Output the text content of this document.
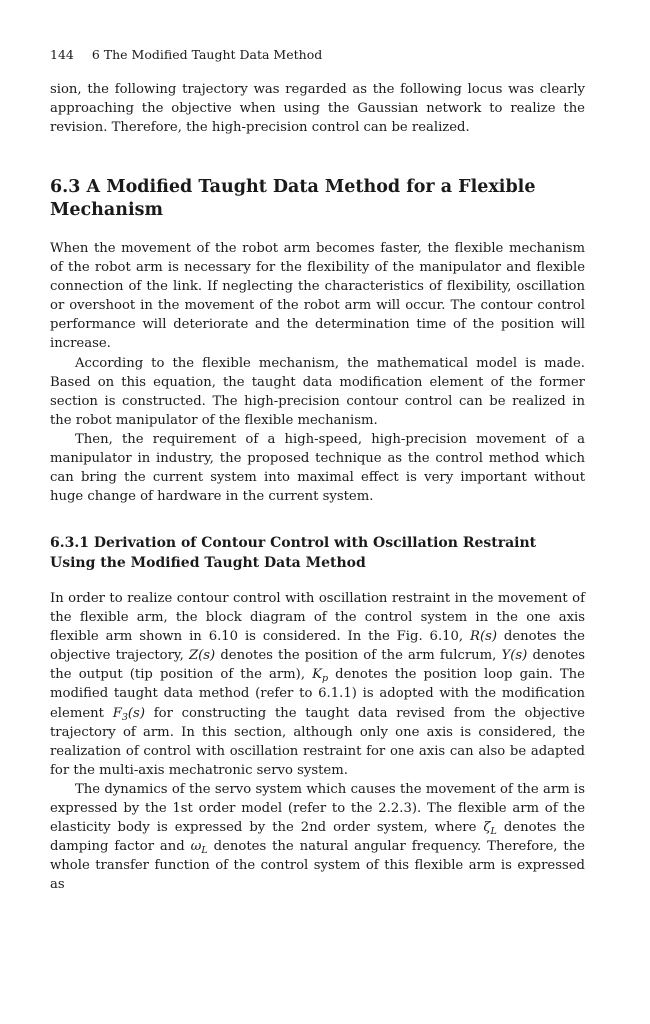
144 6 The Modified Taught Data Method

sion, the following trajectory was regarded as the following locus was clearly approaching the objective when using the Gaussian network to realize the revision. Therefore, the high-precision control can be realized.

6.3 A Modified Taught Data Method for a Flexible Mechanism

When the movement of the robot arm becomes faster, the flexible mechanism of the robot arm is necessary for the flexibility of the manipulator and flexible connection of the link. If neglecting the characteristics of flexibility, oscillation or overshoot in the movement of the robot arm will occur. The contour control performance will deteriorate and the determination time of the position will increase.

According to the flexible mechanism, the mathematical model is made. Based on this equation, the taught data modification element of the former section is constructed. The high-precision contour control can be realized in the robot manipulator of the flexible mechanism.

Then, the requirement of a high-speed, high-precision movement of a manipulator in industry, the proposed technique as the control method which can bring the current system into maximal effect is very important without huge change of hardware in the current system.

6.3.1 Derivation of Contour Control with Oscillation Restraint Using the Modified Taught Data Method

In order to realize contour control with oscillation restraint in the movement of the flexible arm, the block diagram of the control system in the one axis flexible arm shown in 6.10 is considered. In the Fig. 6.10, R(s) denotes the objective trajectory, Z(s) denotes the position of the arm fulcrum, Y(s) denotes the output (tip position of the arm), $K_p$ denotes the position loop gain. The modified taught data method (refer to 6.1.1) is adopted with the modification element $F_3(s)$ for constructing the taught data revised from the objective trajectory of arm. In this section, although only one axis is considered, the realization of control with oscillation restraint for one axis can also be adapted for the multi-axis mechatronic servo system.

The dynamics of the servo system which causes the movement of the arm is expressed by the 1st order model (refer to the 2.2.3). The flexible arm of the elasticity body is expressed by the 2nd order system, where $\zeta_L$ denotes the damping factor and $\omega_L$ denotes the natural angular frequency. Therefore, the whole transfer function of the control system of this flexible arm is expressed as
